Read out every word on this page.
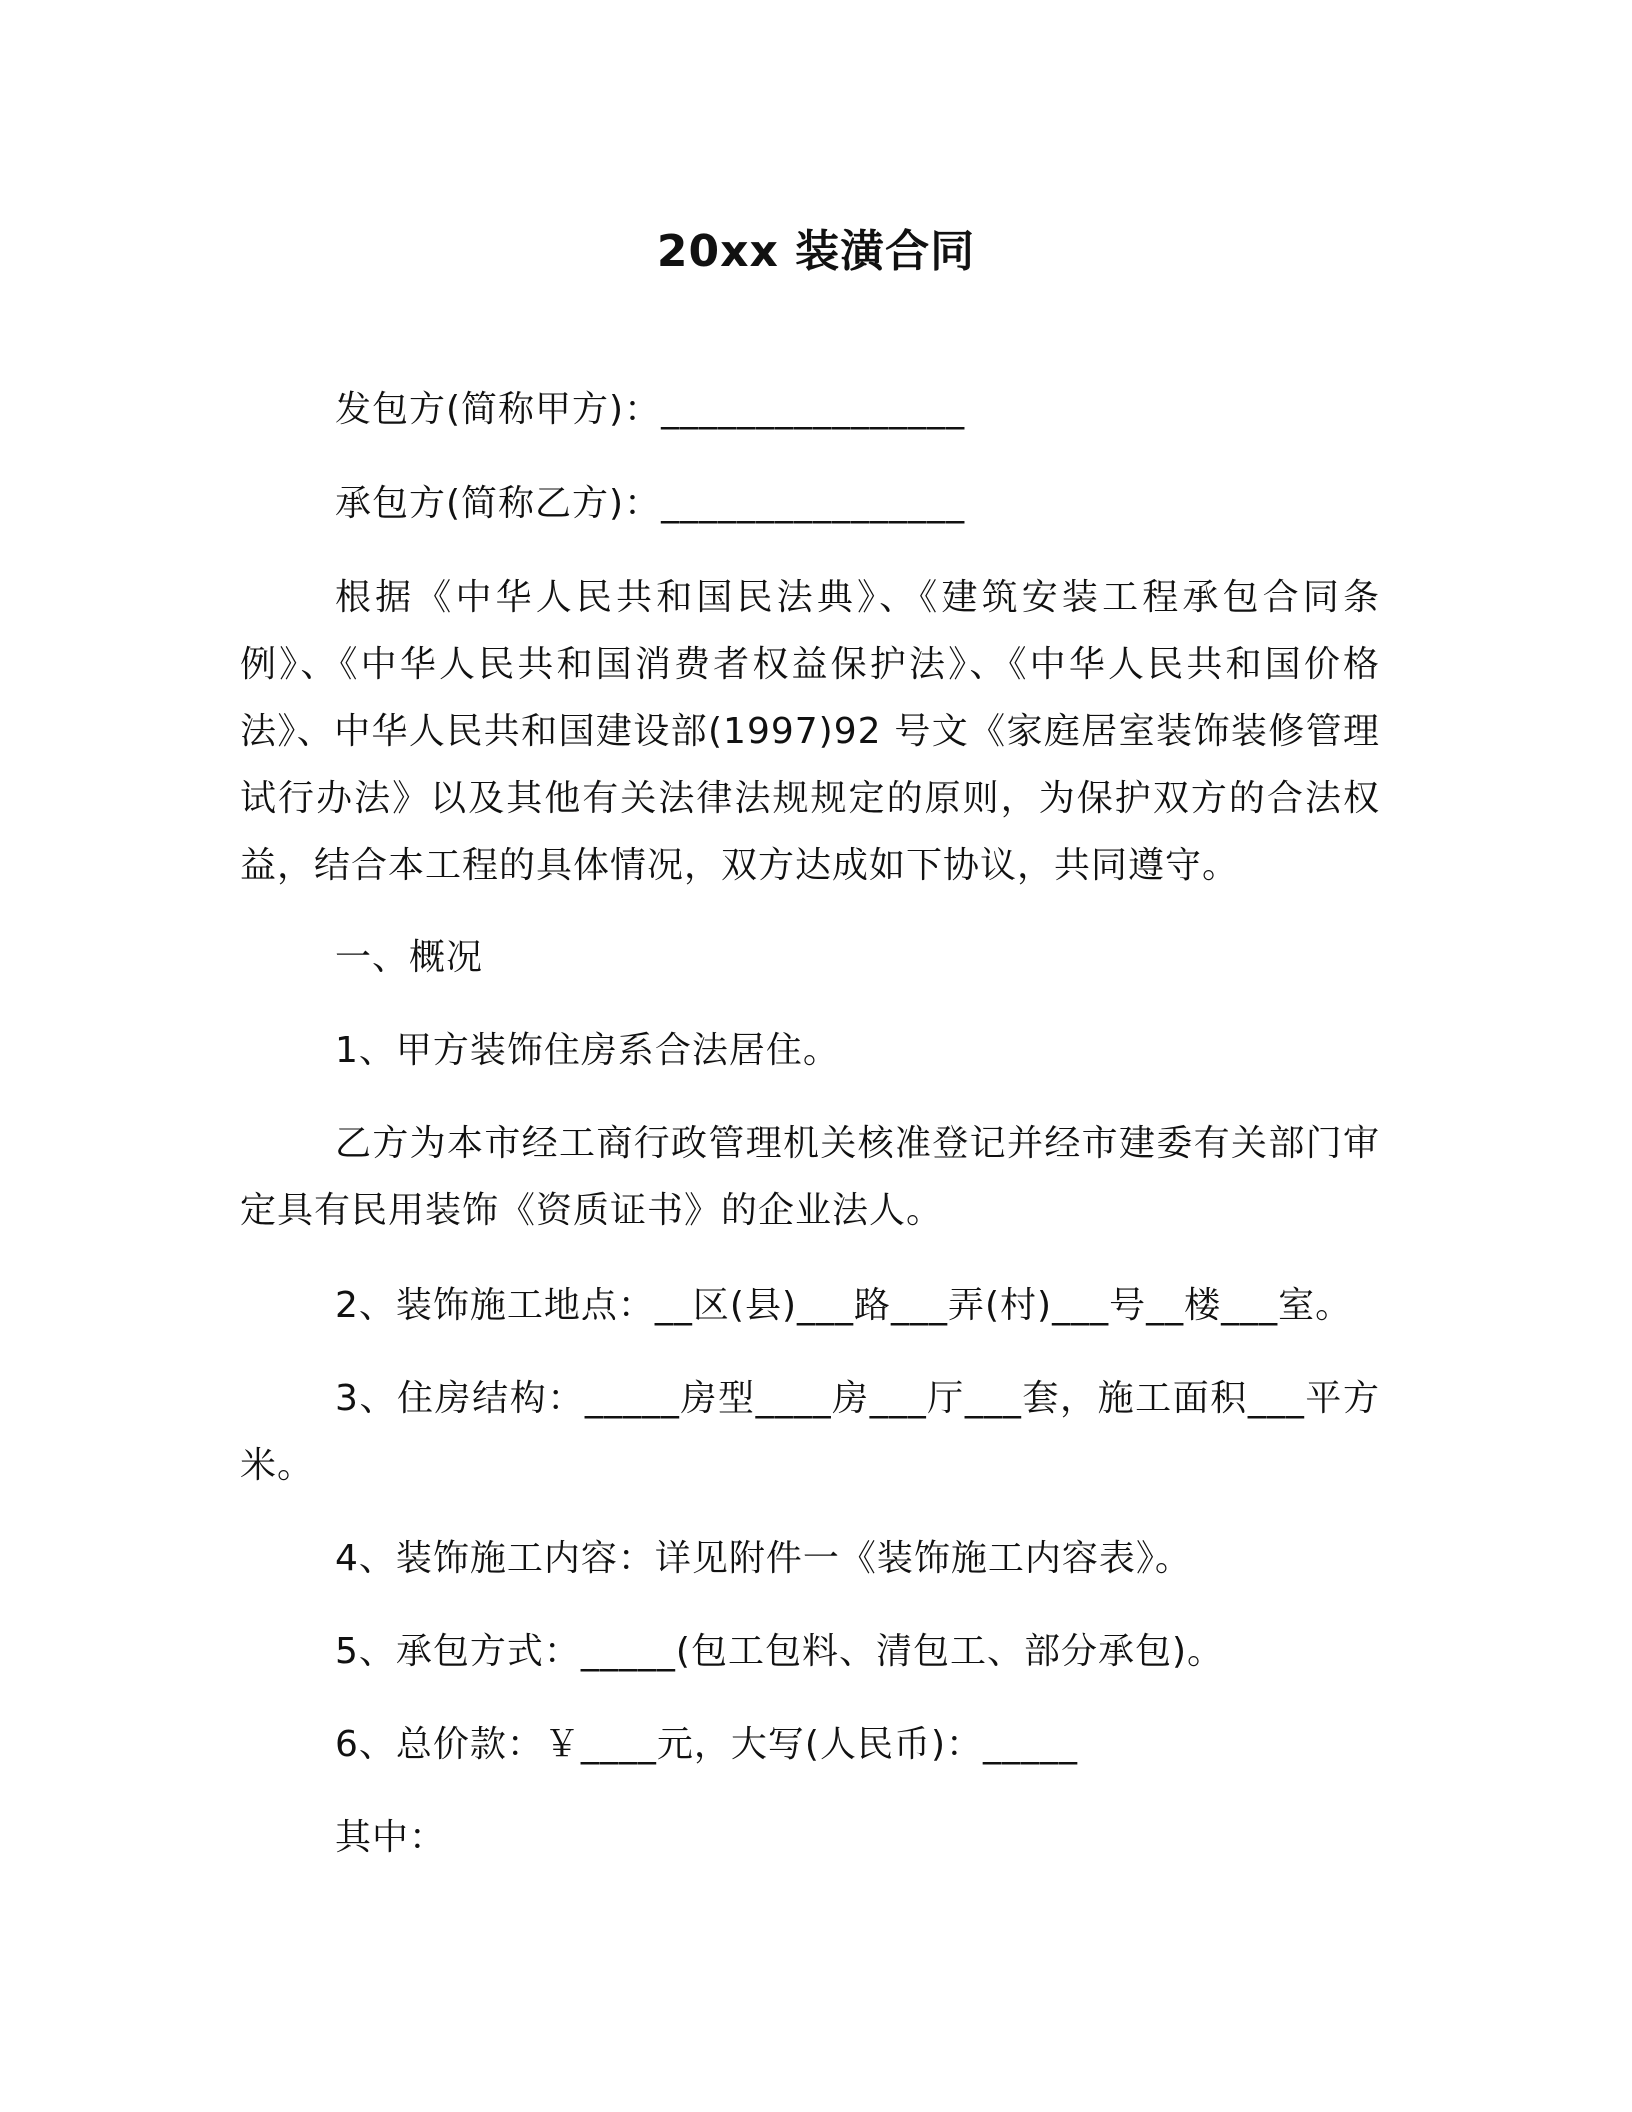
20xx 装潢合同
发包方(简称甲方)：________________
承包方(简称乙方)：________________
根据《中华人民共和国民法典》、《建筑安装工程承包合同条例》、《中华人民共和国消费者权益保护法》、《中华人民共和国价格法》、中华人民共和国建设部(1997)92 号文《家庭居室装饰装修管理试行办法》以及其他有关法律法规规定的原则，为保护双方的合法权益，结合本工程的具体情况，双方达成如下协议，共同遵守。
一、概况
1、甲方装饰住房系合法居住。
乙方为本市经工商行政管理机关核准登记并经市建委有关部门审定具有民用装饰《资质证书》的企业法人。
2、装饰施工地点：__区(县)___路___弄(村)___号__楼___室。
3、住房结构：_____房型____房___厅___套，施工面积___平方米。
4、装饰施工内容：详见附件一《装饰施工内容表》。
5、承包方式：_____(包工包料、清包工、部分承包)。
6、总价款：￥____元，大写(人民币)：_____
其中：
